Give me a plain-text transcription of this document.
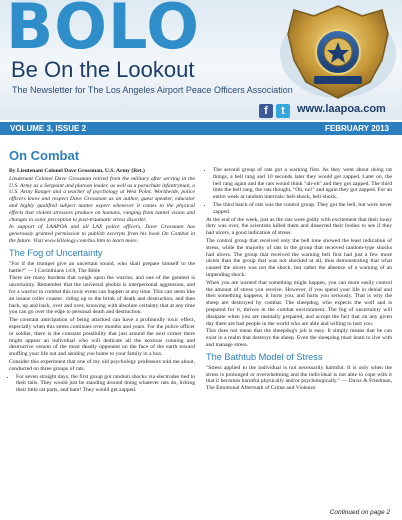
BOLO
Be On the Lookout
The Newsletter for The Los Angeles Airport Peace Officers Association
f	t	www.laapoa.com
VOLUME 3, ISSUE 2	FEBRUARY 2013
On Combat

By Lieutenant Colonel Dave Grossman, U.S. Army (Ret.)

Lieutenant Colonel Dave Grossman retired from the military after serving in the U.S. Army as a Sergeant and platoon leader, as well as a parachute infantryman, a U.S. Army Ranger and a teacher of psychology at West Point. Worldwide, police officers know and respect Dave Grossman as an author, guest speaker, educator and highly qualified subject matter expert whenever it comes to the physical effects that violent stressors produce on humans, ranging from tunnel vision and changes in sonic perception to post-traumatic stress disorder.

In support of LAAPOA and all LAX police officers, Dave Grossman has generously granted permission to publish excerpts from his book On Combat in the future. Visit www.killology.com/bio.htm to learn more.

The Fog of Uncertainty

"For if the trumpet give an uncertain sound, who shall prepare himself to the battle?" — I Corinthians 14:8, The Bible

There are many burdens that weigh upon the warrior, and one of the greatest is uncertainty. Remember that the universal phobia is interpersonal aggression, and for a warrior in combat this toxic event can happen at any time. This can seem like an insane roller coaster: riding up to the brink of death and destruction, and then back, up and back, over and over, knowing with absolute certainty that at any time you can go over the edge to personal death and destruction.

The constant anticipation of being attacked can have a profoundly toxic effect, especially when this stress continues over months and years. For the police officer or soldier, there is the constant possibility that just around the next corner there might appear an individual who will dedicate all the noxious cunning and destructive venom of the most deadly opponent on the face of the earth toward snuffing your life out and sending you home to your family in a box.

Consider this experiment that one of my old psychology professors told me about, conducted on three groups of rats.

• For seven straight days, the first group got random shocks via electrodes tied to their tails. They would just be standing around doing whatever rats do, licking their little rat parts, and bam! They would get zapped.
• The second group of rats got a warning first. As they went about doing rat things, a bell rang and 10 seconds later they would get zapped. Later on, the bell rang again and the rats would think "uh-oh" and they got zapped. The third time the bell rang, the rats thought, "Oh, no!" and again they got zapped. For an entire week at random intervals: bell-shock, bell-shock.
• The third batch of rats was the control group. They got the bell, but were never zapped.

At the end of the week, just as the rats were giddy with excitement that their lousy duty was over, the scientists killed them and dissected their bodies to see if they had ulcers, a good indication of stress.

The control group that received only the bell tone showed the least indication of stress, while the majority of rats in the group that received random-type shocks had ulcers. The group that received the warning bell first had just a few more ulcers than the group that was not shocked at all, thus demonstrating that what caused the ulcers was not the shock, but rather the absence of a warning of an impending shock.

When you are warned that something might happen, you can more easily control the amount of stress you receive. However, if you spend your life in denial and then something happens, it hurts you, and hurts you seriously. That is why the sheep are destroyed by combat. The sheepdog, who expects the wolf and is prepared for it, thrives in the combat environment. The fog of uncertainty will dissipate when you are mentally prepared, and accept the fact that on any given day there are bad people in the world who are able and willing to hurt you.

This does not mean that the sheepdog's job is easy. It simply means that he can exist in a realm that destroys the sheep. Even the sheepdog must learn to live with and manage stress.

The Bathtub Model of Stress

"Stress applied to the individual is not necessarily harmful. It is only when the stress is prolonged or overwhelming and the individual is not able to cope with it that it becomes harmful physically and/or psychologically." — Davis & Friedman, The Emotional Aftermath of Crime and Violence

Continued on page 2
